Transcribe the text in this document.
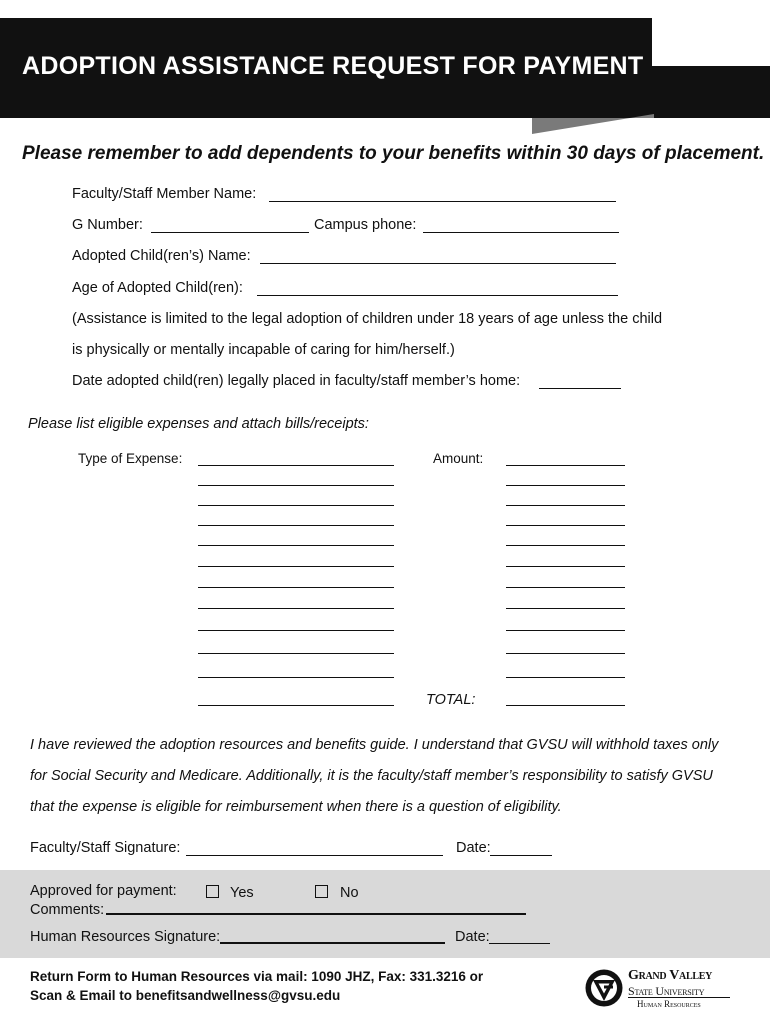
ADOPTION ASSISTANCE REQUEST FOR PAYMENT
Please remember to add dependents to your benefits within 30 days of placement.
Faculty/Staff Member Name:
G Number:	Campus phone:
Adopted Child(ren’s) Name:
Age of Adopted Child(ren):
(Assistance is limited to the legal adoption of children under 18 years of age unless the child
is physically or mentally incapable of caring for him/herself.)
Date adopted child(ren) legally placed in faculty/staff member’s home:
Please list eligible expenses and attach bills/receipts:
Type of Expense:	Amount:
TOTAL:
I have reviewed the adoption resources and benefits guide. I understand that GVSU will withhold taxes only
for Social Security and Medicare. Additionally, it is the faculty/staff member’s responsibility to satisfy GVSU
that the expense is eligible for reimbursement when there is a question of eligibility.
Faculty/Staff Signature:	Date:
Approved for payment:	Yes	No
Comments:
Human Resources Signature:	Date:
Return Form to Human Resources via mail: 1090 JHZ, Fax: 331.3216 or
Scan & Email to benefitsandwellness@gvsu.edu
Grand Valley
State University
Human Resources
